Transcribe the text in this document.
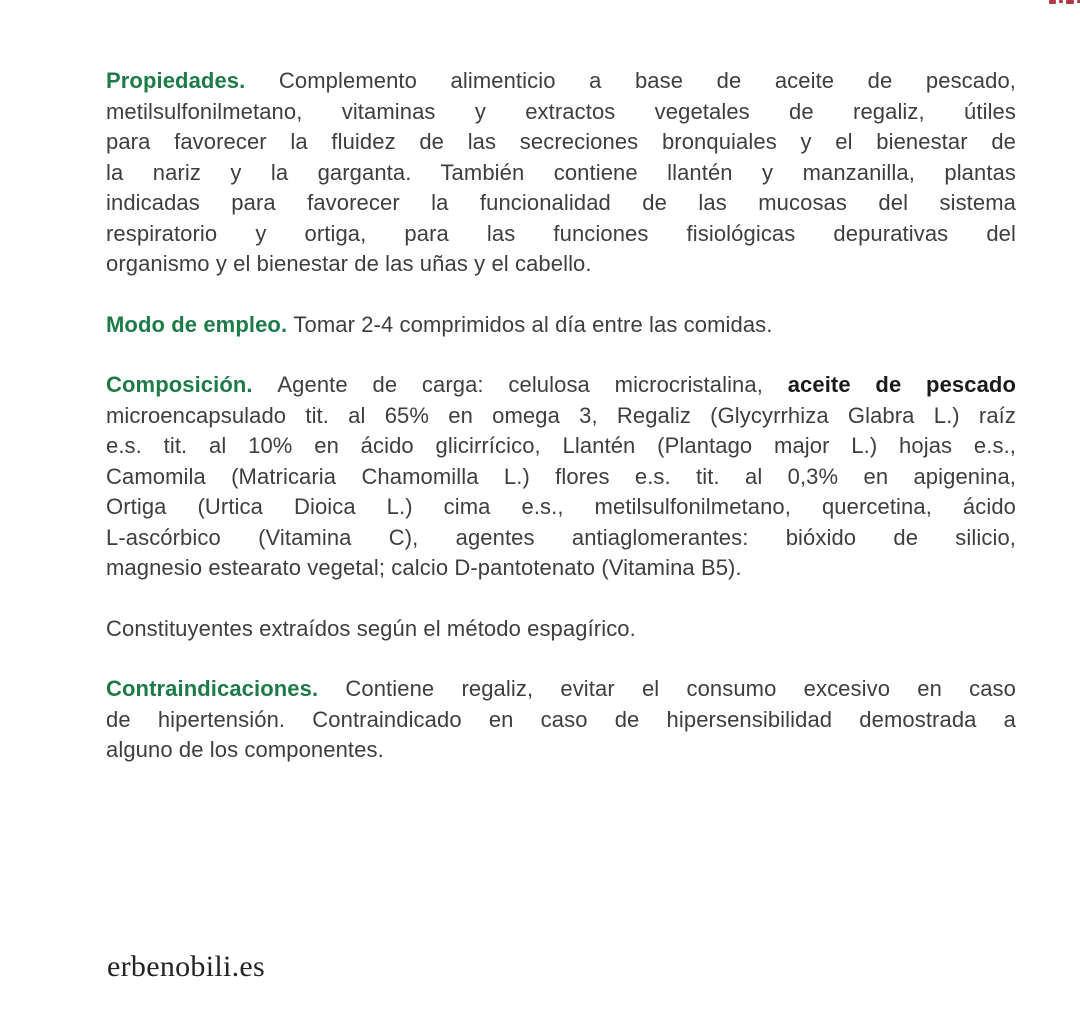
Propiedades. Complemento alimenticio a base de aceite de pescado,
metilsulfonilmetano, vitaminas y extractos vegetales de regaliz, útiles
para favorecer la fluidez de las secreciones bronquiales y el bienestar de
la nariz y la garganta. También contiene llantén y manzanilla, plantas
indicadas para favorecer la funcionalidad de las mucosas del sistema
respiratorio y ortiga, para las funciones fisiológicas depurativas del
organismo y el bienestar de las uñas y el cabello.
Modo de empleo. Tomar 2-4 comprimidos al día entre las comidas.
Composición. Agente de carga: celulosa microcristalina, aceite de pescado
microencapsulado tit. al 65% en omega 3, Regaliz (Glycyrrhiza Glabra L.) raíz
e.s. tit. al 10% en ácido glicirrícico, Llantén (Plantago major L.) hojas e.s.,
Camomila (Matricaria Chamomilla L.) flores e.s. tit. al 0,3% en apigenina,
Ortiga (Urtica Dioica L.) cima e.s., metilsulfonilmetano, quercetina, ácido
L-ascórbico (Vitamina C), agentes antiaglomerantes: bióxido de silicio,
magnesio estearato vegetal; calcio D-pantotenato (Vitamina B5).
Constituyentes extraídos según el método espagírico.
Contraindicaciones. Contiene regaliz, evitar el consumo excesivo en caso
de hipertensión. Contraindicado en caso de hipersensibilidad demostrada a
alguno de los componentes.
erbenobili.es
